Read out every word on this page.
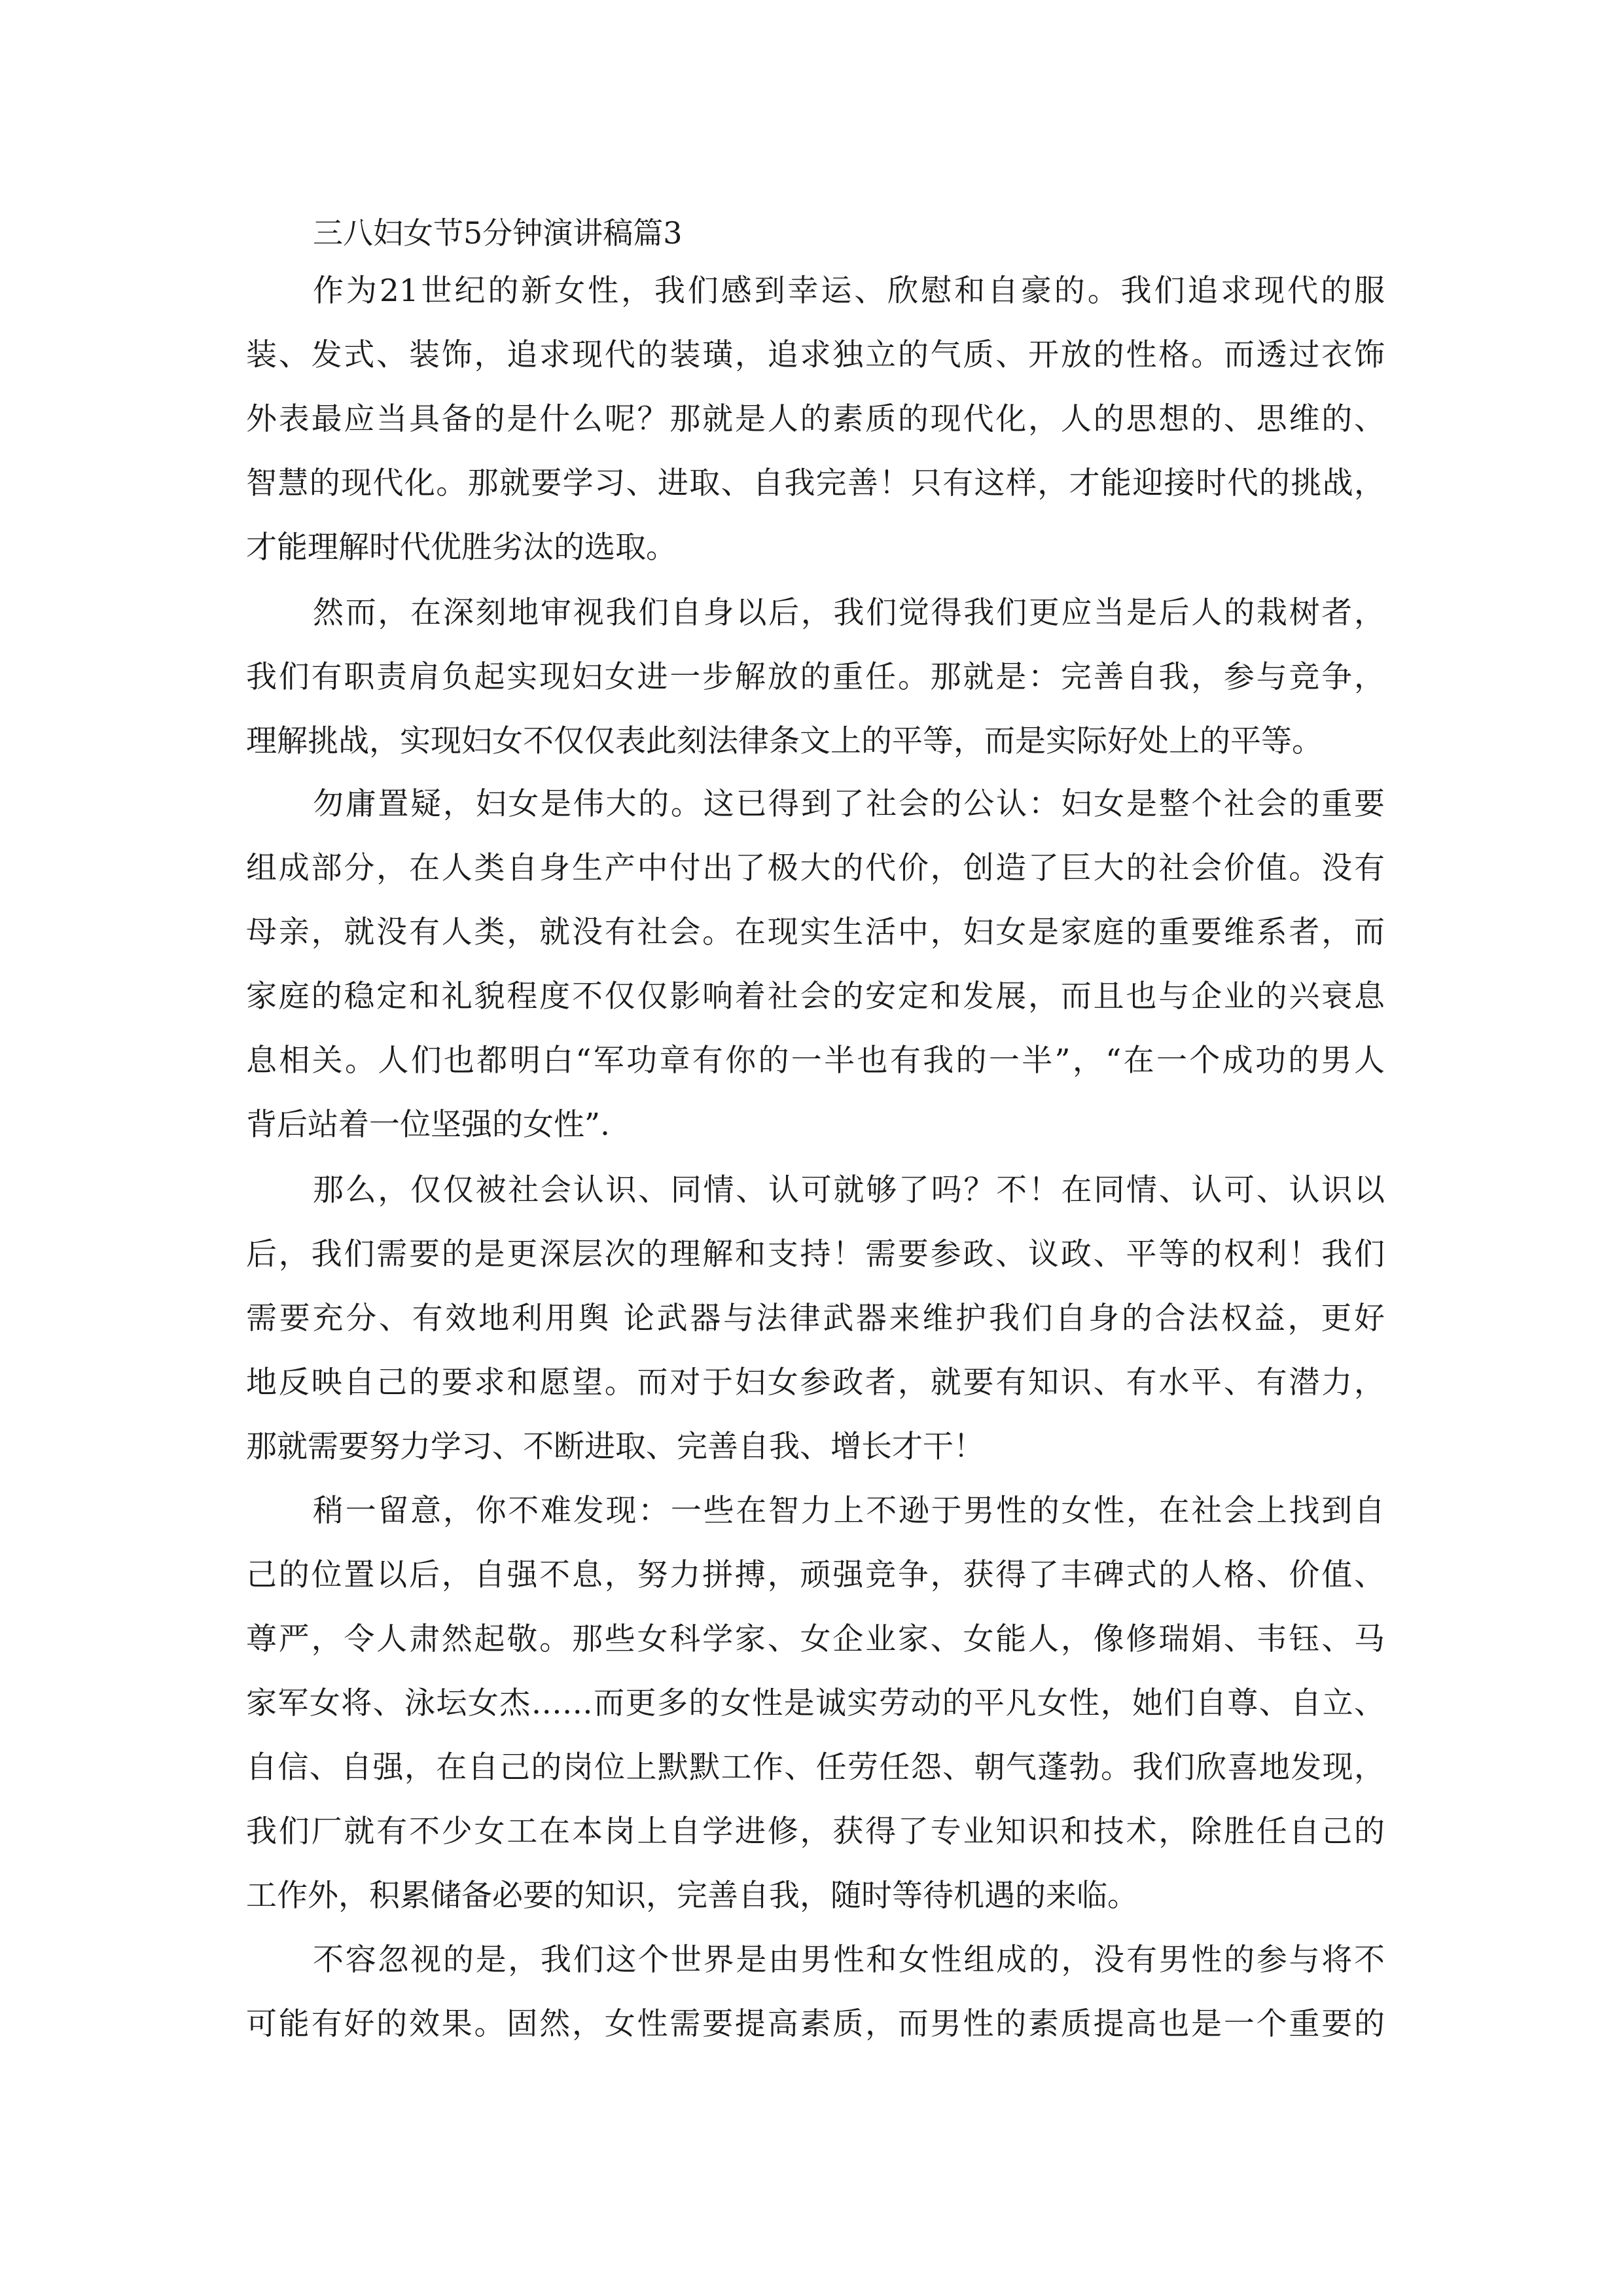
三八妇女节5分钟演讲稿篇3
作为21世纪的新女性，我们感到幸运、欣慰和自豪的。我们追求现代的服
装、发式、装饰，追求现代的装璜，追求独立的气质、开放的性格。而透过衣饰
外表最应当具备的是什么呢？那就是人的素质的现代化，人的思想的、思维的、
智慧的现代化。那就要学习、进取、自我完善！只有这样，才能迎接时代的挑战，
才能理解时代优胜劣汰的选取。
然而，在深刻地审视我们自身以后，我们觉得我们更应当是后人的栽树者，
我们有职责肩负起实现妇女进一步解放的重任。那就是：完善自我，参与竞争，
理解挑战，实现妇女不仅仅表此刻法律条文上的平等，而是实际好处上的平等。
勿庸置疑，妇女是伟大的。这已得到了社会的公认：妇女是整个社会的重要
组成部分，在人类自身生产中付出了极大的代价，创造了巨大的社会价值。没有
母亲，就没有人类，就没有社会。在现实生活中，妇女是家庭的重要维系者，而
家庭的稳定和礼貌程度不仅仅影响着社会的安定和发展，而且也与企业的兴衰息
息相关。人们也都明白“军功章有你的一半也有我的一半”，“在一个成功的男人
背后站着一位坚强的女性”.
那么，仅仅被社会认识、同情、认可就够了吗？不！在同情、认可、认识以
后，我们需要的是更深层次的理解和支持！需要参政、议政、平等的权利！我们
需要充分、有效地利用舆 论武器与法律武器来维护我们自身的合法权益，更好
地反映自己的要求和愿望。而对于妇女参政者，就要有知识、有水平、有潜力，
那就需要努力学习、不断进取、完善自我、增长才干！
稍一留意，你不难发现：一些在智力上不逊于男性的女性，在社会上找到自
己的位置以后，自强不息，努力拼搏，顽强竞争，获得了丰碑式的人格、价值、
尊严，令人肃然起敬。那些女科学家、女企业家、女能人，像修瑞娟、韦钰、马
家军女将、泳坛女杰……而更多的女性是诚实劳动的平凡女性，她们自尊、自立、
自信、自强，在自己的岗位上默默工作、任劳任怨、朝气蓬勃。我们欣喜地发现，
我们厂就有不少女工在本岗上自学进修，获得了专业知识和技术，除胜任自己的
工作外，积累储备必要的知识，完善自我，随时等待机遇的来临。
不容忽视的是，我们这个世界是由男性和女性组成的，没有男性的参与将不
可能有好的效果。固然，女性需要提高素质，而男性的素质提高也是一个重要的
